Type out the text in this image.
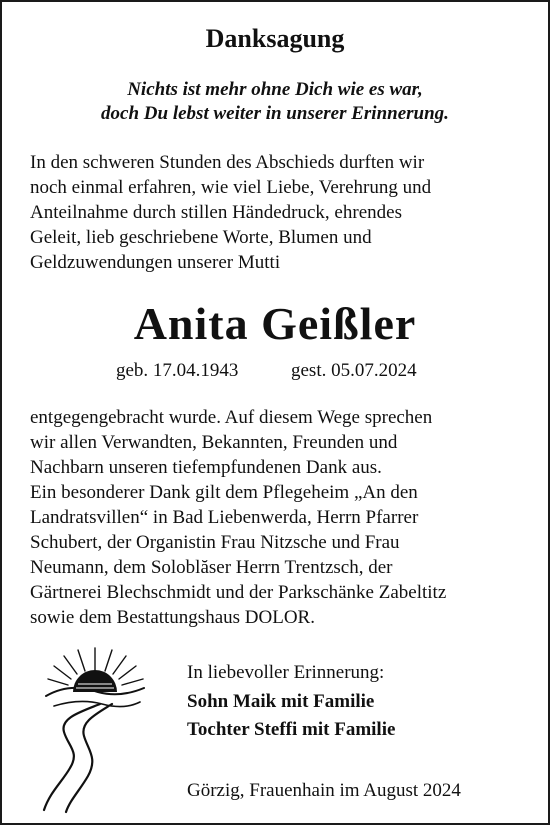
Danksagung
Nichts ist mehr ohne Dich wie es war,
doch Du lebst weiter in unserer Erinnerung.
In den schweren Stunden des Abschieds durften wir
noch einmal erfahren, wie viel Liebe, Verehrung und
Anteilnahme durch stillen Händedruck, ehrendes
Geleit, lieb geschriebene Worte, Blumen und
Geldzuwendungen unserer Mutti
Anita Geißler
geb. 17.04.1943	gest. 05.07.2024
entgegengebracht wurde. Auf diesem Wege sprechen
wir allen Verwandten, Bekannten, Freunden und
Nachbarn unseren tiefempfundenen Dank aus.
Ein besonderer Dank gilt dem Pflegeheim „An den
Landratsvillen“ in Bad Liebenwerda, Herrn Pfarrer
Schubert, der Organistin Frau Nitzsche und Frau
Neumann, dem Soloblăser Herrn Trentzsch, der
Gärtnerei Blechschmidt und der Parkschänke Zabeltitz
sowie dem Bestattungshaus DOLOR.
In liebevoller Erinnerung:
Sohn Maik mit Familie
Tochter Steffi mit Familie
Görzig, Frauenhain im August 2024
